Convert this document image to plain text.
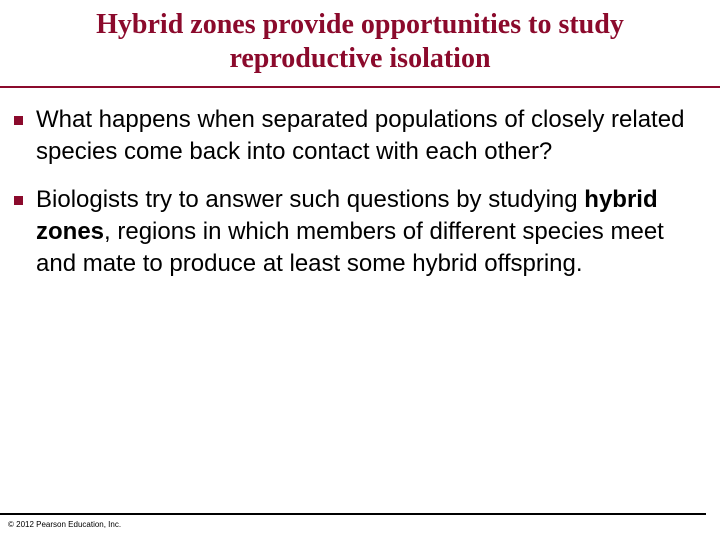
Hybrid zones provide opportunities to study
reproductive isolation
What happens when separated populations of closely related species come back into contact with each other?
Biologists try to answer such questions by studying hybrid zones, regions in which members of different species meet and mate to produce at least some hybrid offspring.
© 2012 Pearson Education, Inc.
